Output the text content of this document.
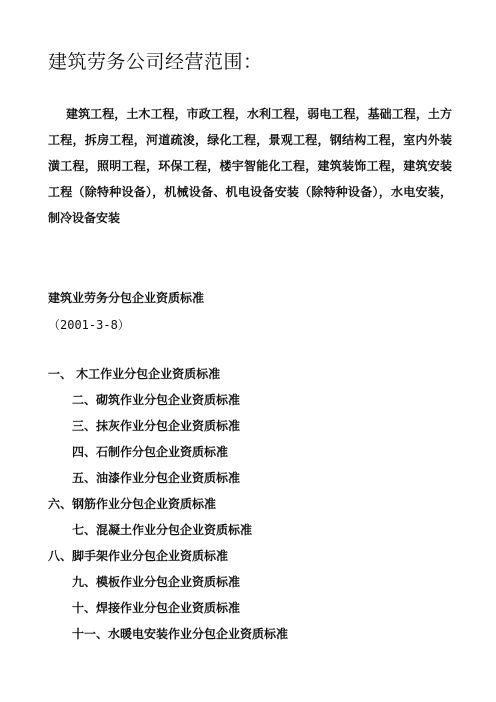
建筑劳务公司经营范围：
建筑工程，土木工程，市政工程，水利工程，弱电工程，基础工程，土方工程，拆房工程，河道疏浚，绿化工程，景观工程，钢结构工程，室内外装潢工程，照明工程，环保工程，楼宇智能化工程，建筑装饰工程，建筑安装工程（除特种设备），机械设备、机电设备安装（除特种设备），水电安装，制冷设备安装
建筑业劳务分包企业资质标准
（2001-3-8）
一、 木工作业分包企业资质标准
二、砌筑作业分包企业资质标准
三、抹灰作业分包企业资质标准
四、石制作分包企业资质标准
五、油漆作业分包企业资质标准
六、钢筋作业分包企业资质标准
七、混凝土作业分包企业资质标准
八、脚手架作业分包企业资质标准
九、模板作业分包企业资质标准
十、焊接作业分包企业资质标准
十一、水暖电安装作业分包企业资质标准
